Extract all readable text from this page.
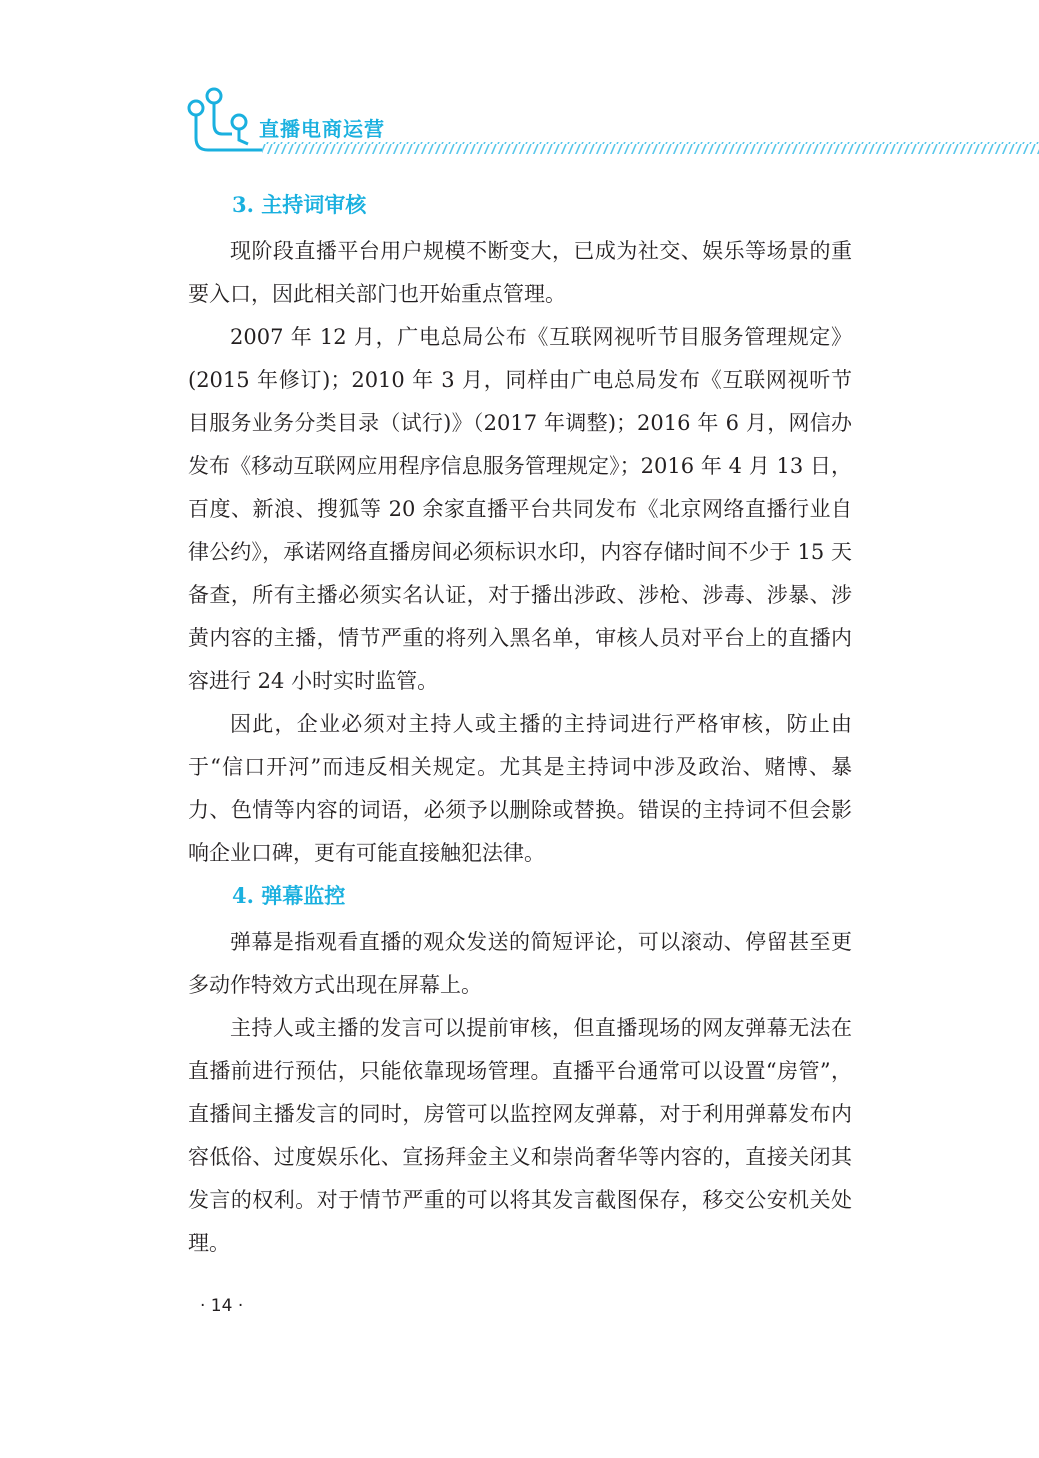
直播电商运营
3. 主持词审核

现阶段直播平台用户规模不断变大，已成为社交、娱乐等场景的重要入口，因此相关部门也开始重点管理。

2007 年 12 月，广电总局公布《互联网视听节目服务管理规定》(2015 年修订)；2010 年 3 月，同样由广电总局发布《互联网视听节目服务业务分类目录（试行)》（2017 年调整)；2016 年 6 月，网信办发布《移动互联网应用程序信息服务管理规定》；2016 年 4 月 13 日，百度、新浪、搜狐等 20 余家直播平台共同发布《北京网络直播行业自律公约》，承诺网络直播房间必须标识水印，内容存储时间不少于 15 天备查，所有主播必须实名认证，对于播出涉政、涉枪、涉毒、涉暴、涉黄内容的主播，情节严重的将列入黑名单，审核人员对平台上的直播内容进行 24 小时实时监管。

因此，企业必须对主持人或主播的主持词进行严格审核，防止由于“信口开河”而违反相关规定。尤其是主持词中涉及政治、赌博、暴力、色情等内容的词语，必须予以删除或替换。错误的主持词不但会影响企业口碑，更有可能直接触犯法律。

4. 弹幕监控

弹幕是指观看直播的观众发送的简短评论，可以滚动、停留甚至更多动作特效方式出现在屏幕上。

主持人或主播的发言可以提前审核，但直播现场的网友弹幕无法在直播前进行预估，只能依靠现场管理。直播平台通常可以设置“房管”，直播间主播发言的同时，房管可以监控网友弹幕，对于利用弹幕发布内容低俗、过度娱乐化、宣扬拜金主义和崇尚奢华等内容的，直接关闭其发言的权利。对于情节严重的可以将其发言截图保存，移交公安机关处理。

· 14 ·
